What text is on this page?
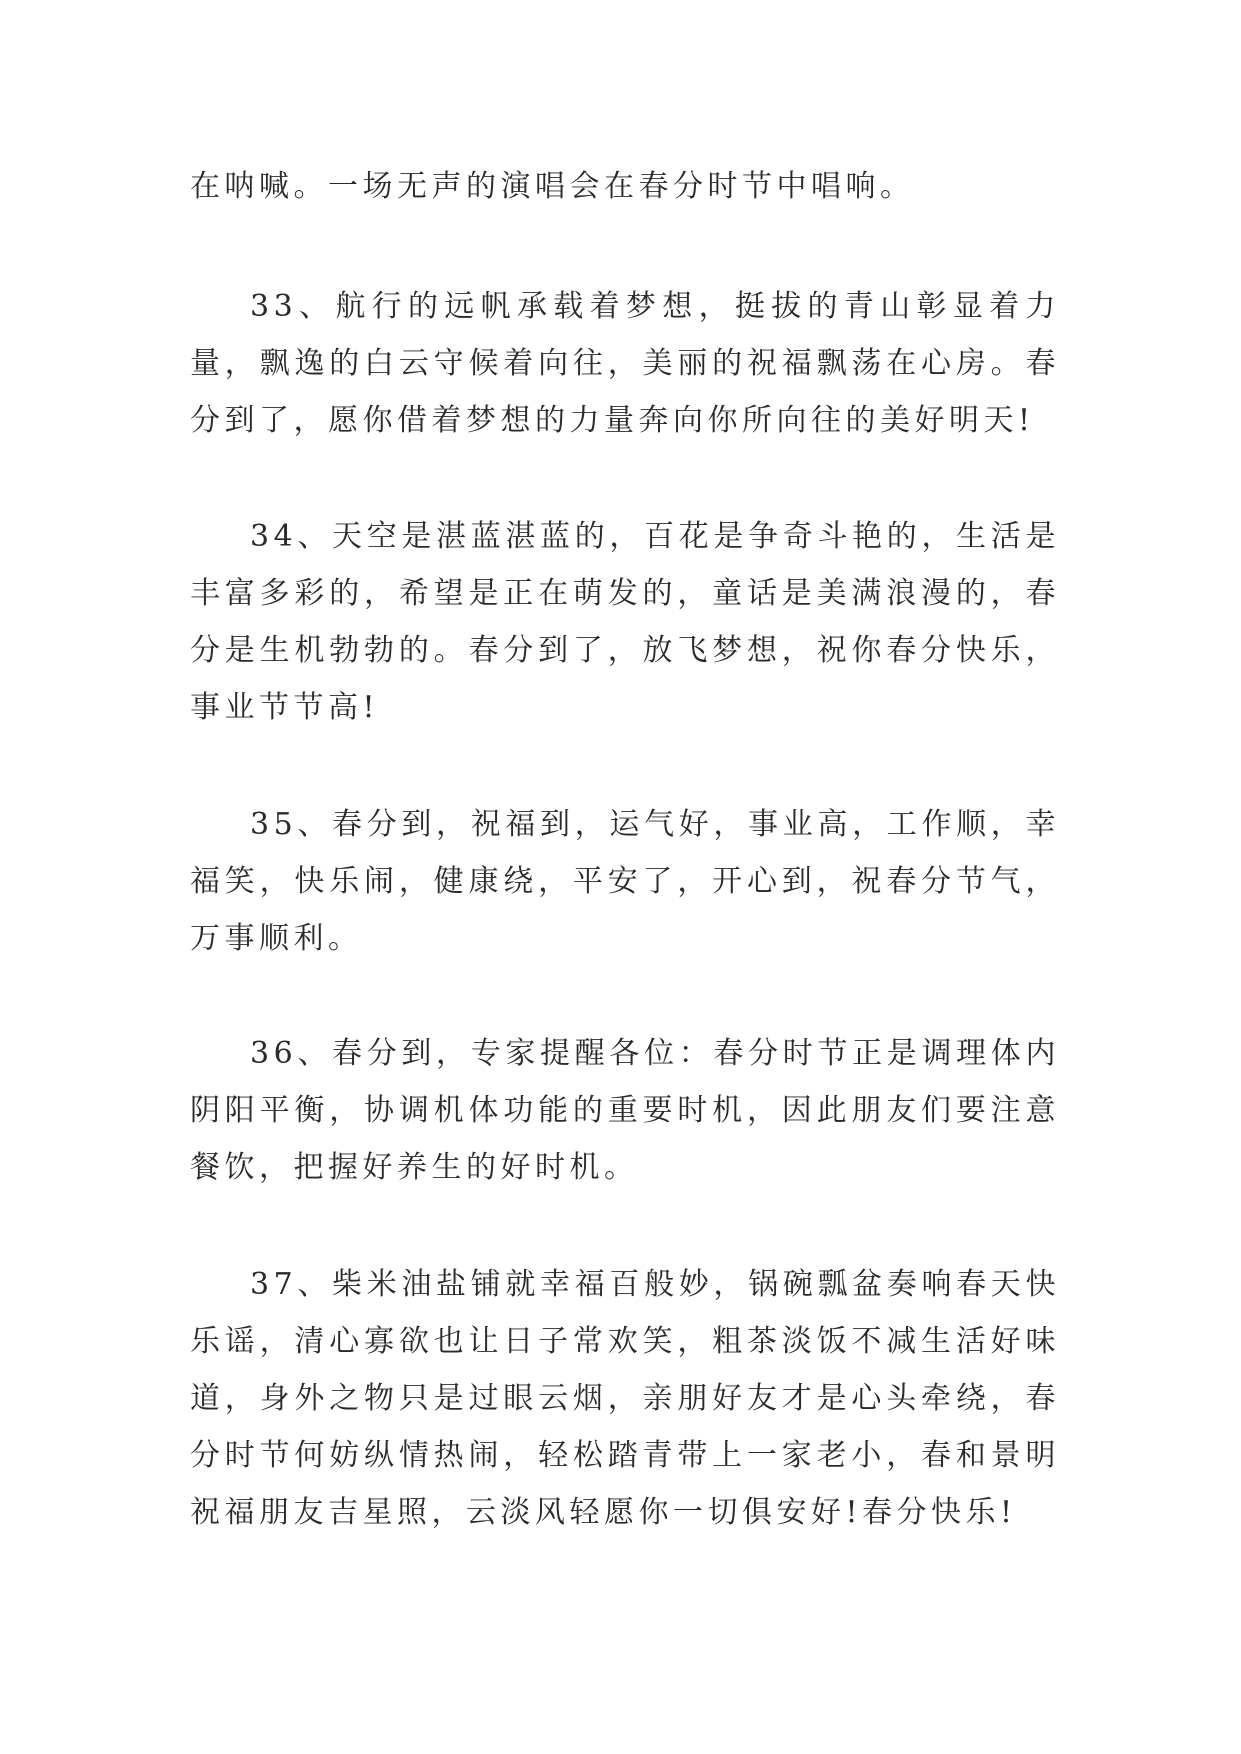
在呐喊。一场无声的演唱会在春分时节中唱响。

33、航行的远帆承载着梦想，挺拔的青山彰显着力量，飘逸的白云守候着向往，美丽的祝福飘荡在心房。春分到了，愿你借着梦想的力量奔向你所向往的美好明天!

34、天空是湛蓝湛蓝的，百花是争奇斗艳的，生活是丰富多彩的，希望是正在萌发的，童话是美满浪漫的，春分是生机勃勃的。春分到了，放飞梦想，祝你春分快乐，事业节节高!

35、春分到，祝福到，运气好，事业高，工作顺，幸福笑，快乐闹，健康绕，平安了，开心到，祝春分节气，万事顺利。

36、春分到，专家提醒各位：春分时节正是调理体内阴阳平衡，协调机体功能的重要时机，因此朋友们要注意餐饮，把握好养生的好时机。

37、柴米油盐铺就幸福百般妙，锅碗瓢盆奏响春天快乐谣，清心寡欲也让日子常欢笑，粗茶淡饭不减生活好味道，身外之物只是过眼云烟，亲朋好友才是心头牵绕，春分时节何妨纵情热闹，轻松踏青带上一家老小，春和景明祝福朋友吉星照，云淡风轻愿你一切俱安好!春分快乐!
